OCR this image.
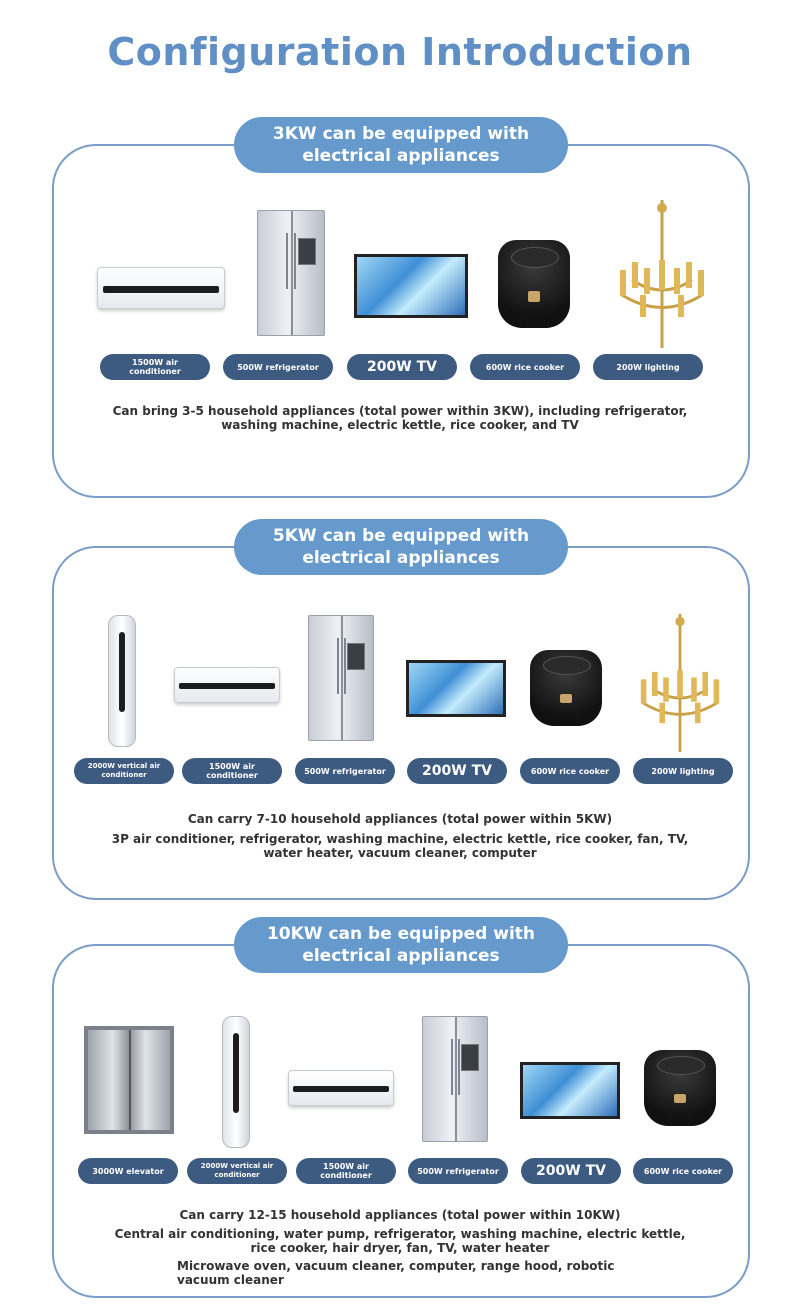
Configuration Introduction
3KW can be equipped with electrical appliances
1500W air conditioner	500W refrigerator	200W TV	600W rice cooker	200W lighting
Can bring 3-5 household appliances (total power within 3KW), including refrigerator, washing machine, electric kettle, rice cooker, and TV
5KW can be equipped with electrical appliances
2000W vertical air conditioner
1500W air conditioner	500W refrigerator	200W TV	600W rice cooker	200W lighting
Can carry 7-10 household appliances (total power within 5KW)
3P air conditioner, refrigerator, washing machine, electric kettle, rice cooker, fan, TV, water heater, vacuum cleaner, computer
10KW can be equipped with electrical appliances
3000W elevator
2000W vertical air conditioner
1500W air conditioner	500W refrigerator	200W TV	600W rice cooker
Can carry 12-15 household appliances (total power within 10KW)
Central air conditioning, water pump, refrigerator, washing machine, electric kettle, rice cooker, hair dryer, fan, TV, water heater
Microwave oven, vacuum cleaner, computer, range hood, robotic vacuum cleaner
